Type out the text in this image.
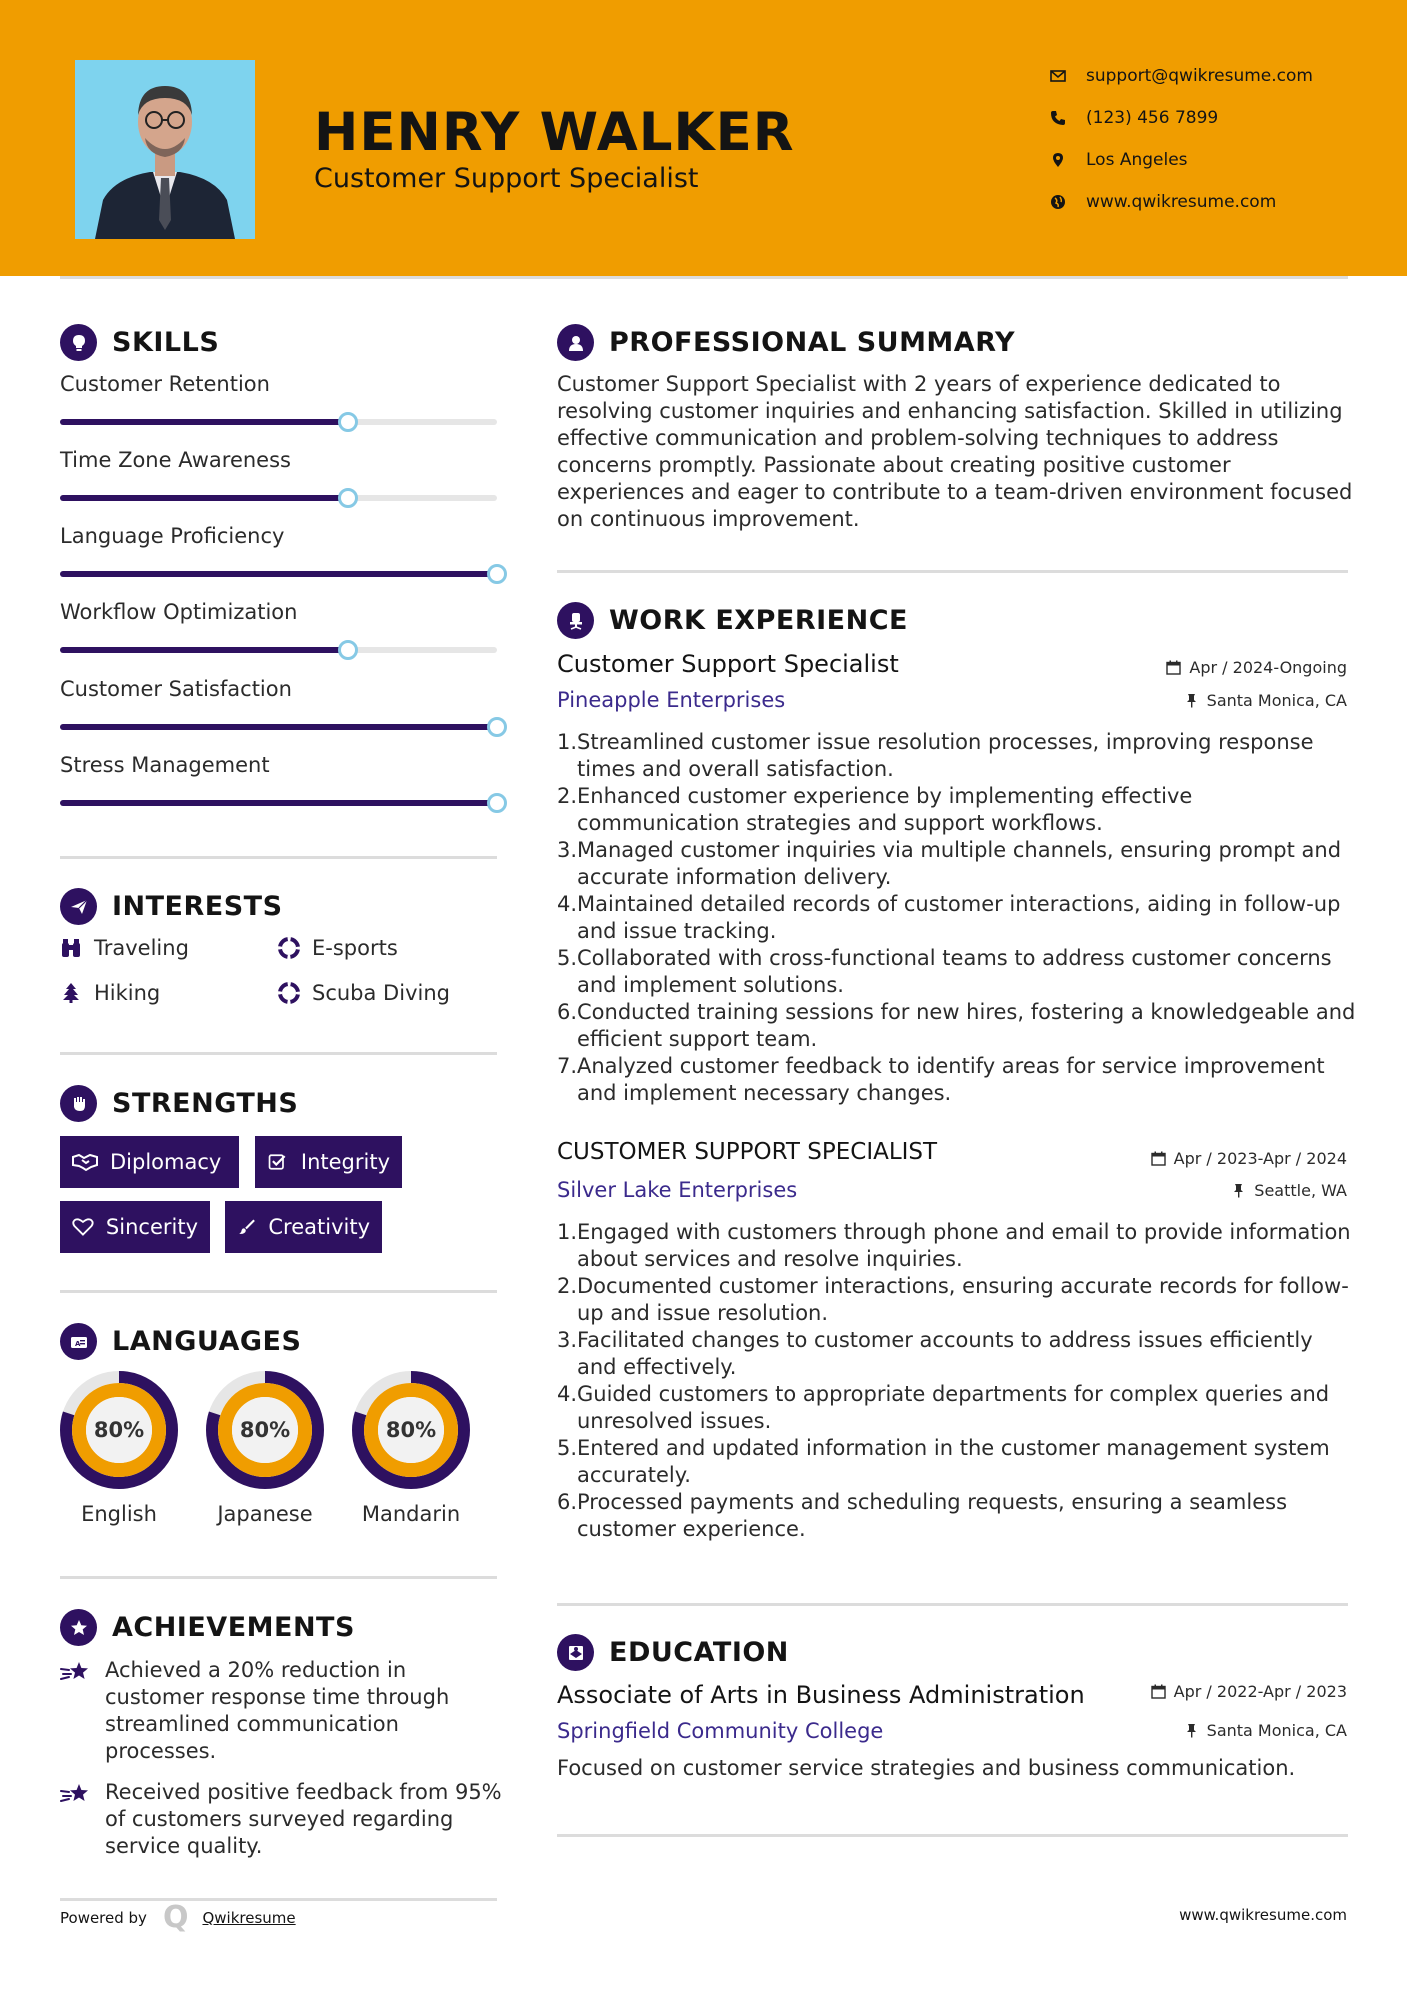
HENRY WALKER
Customer Support Specialist
support@qwikresume.com
(123) 456 7899
Los Angeles
www.qwikresume.com
SKILLS
Customer Retention
Time Zone Awareness
Language Proficiency
Workflow Optimization
Customer Satisfaction
Stress Management
INTERESTS
Traveling	E-sports
Hiking	Scuba Diving
STRENGTHS
Diplomacy	Integrity
Sincerity	Creativity
A LANGUAGES
80%
English
80%
Japanese
80%
Mandarin
ACHIEVEMENTS
Achieved a 20% reduction in customer response time through streamlined communication processes.
Received positive feedback from 95% of customers surveyed regarding service quality.
PROFESSIONAL SUMMARY
Customer Support Specialist with 2 years of experience dedicated to resolving customer inquiries and enhancing satisfaction. Skilled in utilizing effective communication and problem-solving techniques to address concerns promptly. Passionate about creating positive customer experiences and eager to contribute to a team-driven environment focused on continuous improvement.
WORK EXPERIENCE
Customer Support Specialist	Apr / 2024-Ongoing
Pineapple Enterprises	Santa Monica, CA
1. Streamlined customer issue resolution processes, improving response times and overall satisfaction.
2. Enhanced customer experience by implementing effective communication strategies and support workflows.
3. Managed customer inquiries via multiple channels, ensuring prompt and accurate information delivery.
4. Maintained detailed records of customer interactions, aiding in follow-up and issue tracking.
5. Collaborated with cross-functional teams to address customer concerns and implement solutions.
6. Conducted training sessions for new hires, fostering a knowledgeable and efficient support team.
7. Analyzed customer feedback to identify areas for service improvement and implement necessary changes.
CUSTOMER SUPPORT SPECIALIST	Apr / 2023-Apr / 2024
Silver Lake Enterprises	Seattle, WA
1. Engaged with customers through phone and email to provide information about services and resolve inquiries.
2. Documented customer interactions, ensuring accurate records for follow-up and issue resolution.
3. Facilitated changes to customer accounts to address issues efficiently and effectively.
4. Guided customers to appropriate departments for complex queries and unresolved issues.
5. Entered and updated information in the customer management system accurately.
6. Processed payments and scheduling requests, ensuring a seamless customer experience.
EDUCATION
Associate of Arts in Business Administration	Apr / 2022-Apr / 2023
Springfield Community College	Santa Monica, CA
Focused on customer service strategies and business communication.
Powered by Q Qwikresume	www.qwikresume.com
